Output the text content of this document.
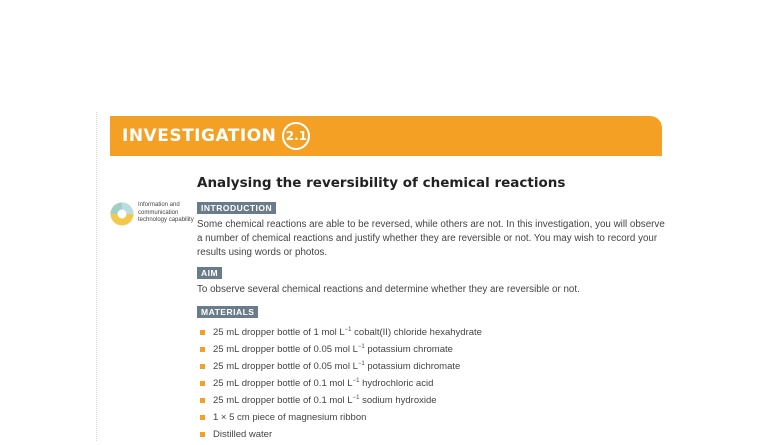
INVESTIGATION 2.1
Information and communication technology capability
Analysing the reversibility of chemical reactions
INTRODUCTION
Some chemical reactions are able to be reversed, while others are not. In this investigation, you will observe a number of chemical reactions and justify whether they are reversible or not. You may wish to record your results using words or photos.
AIM
To observe several chemical reactions and determine whether they are reversible or not.
MATERIALS
25 mL dropper bottle of 1 mol $L^{-1}$ cobalt(II) chloride hexahydrate
25 mL dropper bottle of 0.05 mol $L^{-1}$ potassium chromate
25 mL dropper bottle of 0.05 mol $L^{-1}$ potassium dichromate
25 mL dropper bottle of 0.1 mol $L^{-1}$ hydrochloric acid
25 mL dropper bottle of 0.1 mol $L^{-1}$ sodium hydroxide
1 × 5 cm piece of magnesium ribbon
Distilled water
